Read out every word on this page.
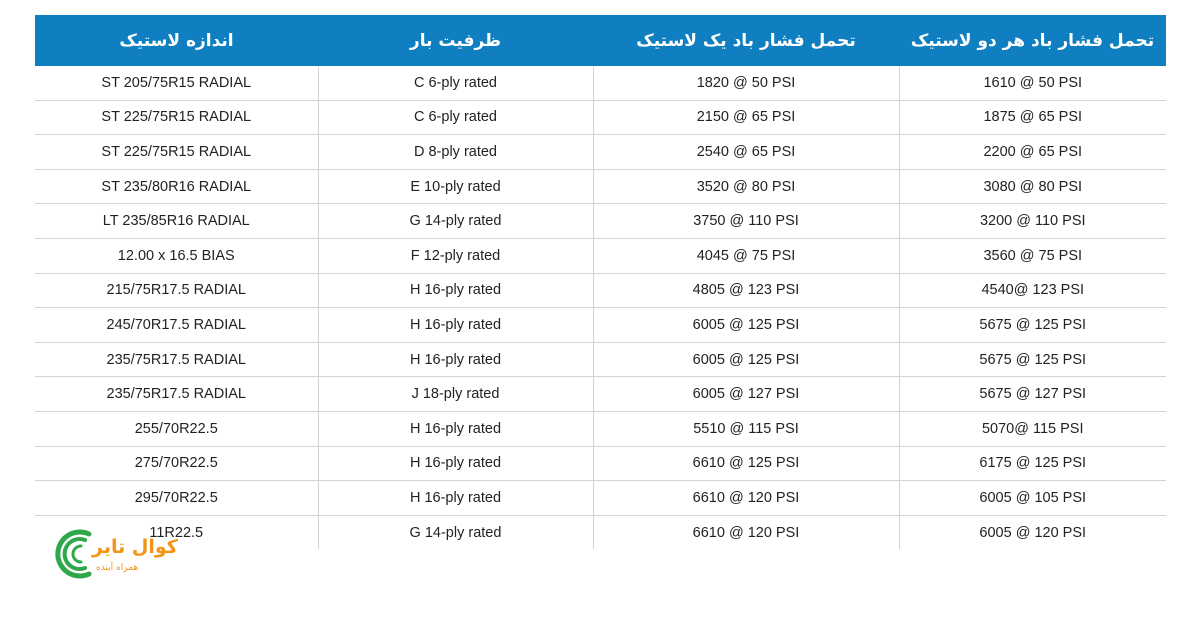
اندازه لاستیک	ظرفیت بار	تحمل فشار باد یک لاستیک	تحمل فشار باد هر دو لاستیک
ST 205/75R15 RADIAL	C 6-ply rated	1820 @ 50 PSI	1610 @ 50 PSI
ST 225/75R15 RADIAL	C 6-ply rated	2150 @ 65 PSI	1875 @ 65 PSI
ST 225/75R15 RADIAL	D 8-ply rated	2540 @ 65 PSI	2200 @ 65 PSI
ST 235/80R16 RADIAL	E 10-ply rated	3520 @ 80 PSI	3080 @ 80 PSI
LT 235/85R16 RADIAL	G 14-ply rated	3750 @ 110 PSI	3200 @ 110 PSI
12.00 x 16.5 BIAS	F 12-ply rated	4045 @ 75 PSI	3560 @ 75 PSI
215/75R17.5 RADIAL	H 16-ply rated	4805 @ 123 PSI	4540@ 123 PSI
245/70R17.5 RADIAL	H 16-ply rated	6005 @ 125 PSI	5675 @ 125 PSI
235/75R17.5 RADIAL	H 16-ply rated	6005 @ 125 PSI	5675 @ 125 PSI
235/75R17.5 RADIAL	J 18-ply rated	6005 @ 127 PSI	5675 @ 127 PSI
255/70R22.5	H 16-ply rated	5510 @ 115 PSI	5070@ 115 PSI
275/70R22.5	H 16-ply rated	6610 @ 125 PSI	6175 @ 125 PSI
295/70R22.5	H 16-ply rated	6610 @ 120 PSI	6005 @ 105 PSI
11R22.5	G 14-ply rated	6610 @ 120 PSI	6005 @ 120 PSI
کوال تایر
همراه آینده
